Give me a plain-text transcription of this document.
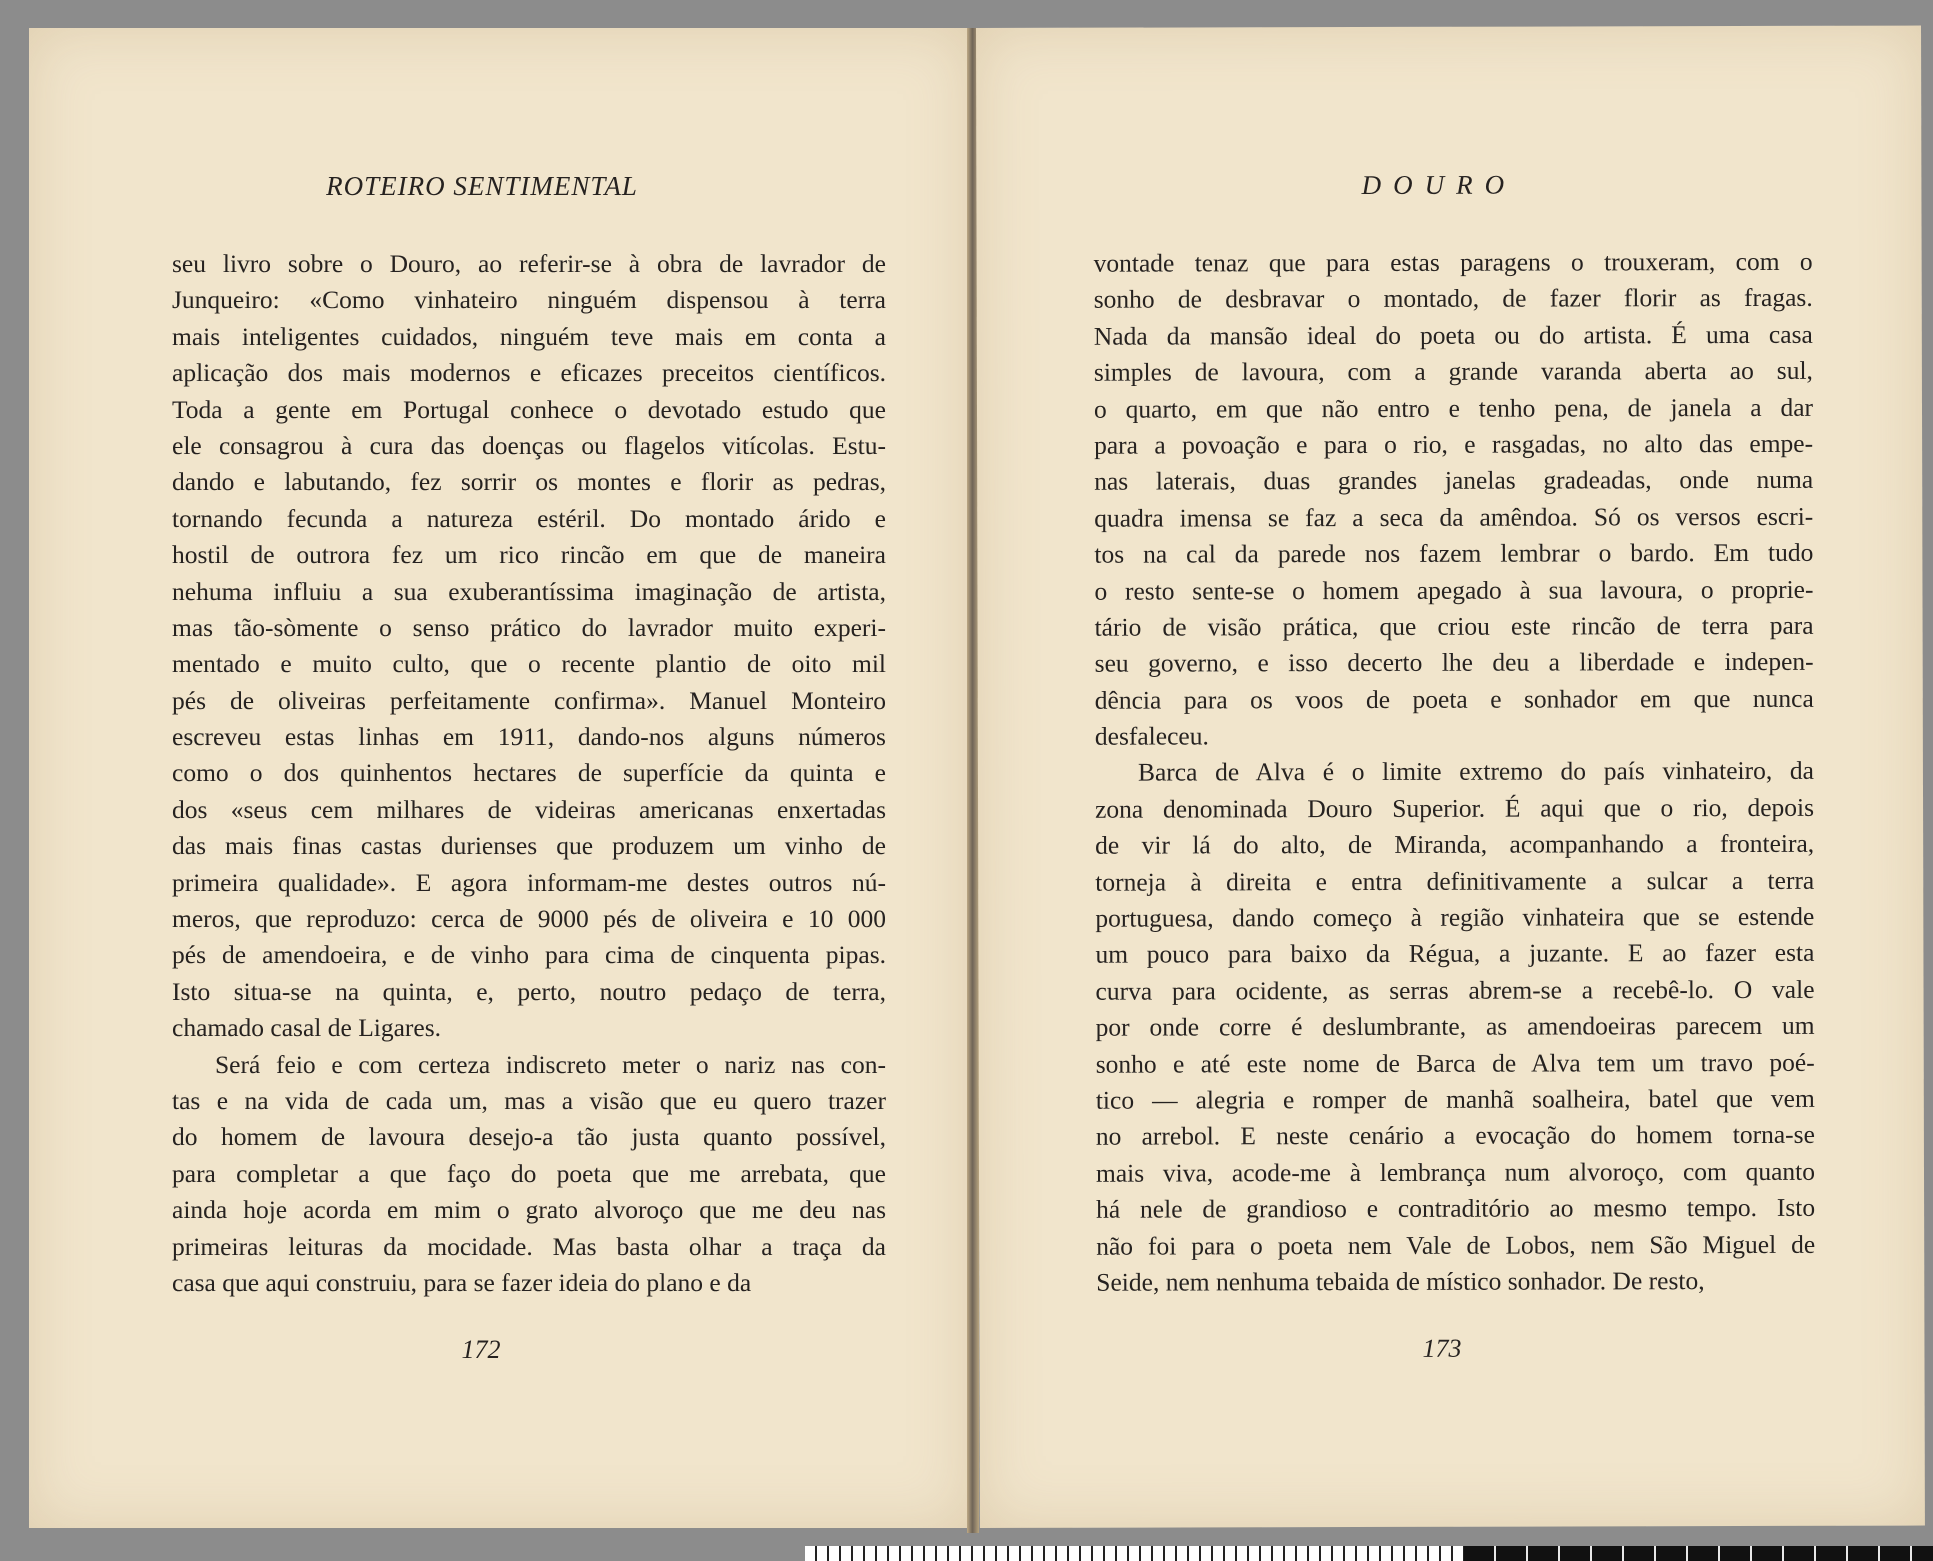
ROTEIRO SENTIMENTAL
seu livro sobre o Douro, ao referir-se à obra de lavrador de
Junqueiro: «Como vinhateiro ninguém dispensou à terra
mais inteligentes cuidados, ninguém teve mais em conta a
aplicação dos mais modernos e eficazes preceitos científicos.
Toda a gente em Portugal conhece o devotado estudo que
ele consagrou à cura das doenças ou flagelos vitícolas. Estu-
dando e labutando, fez sorrir os montes e florir as pedras,
tornando fecunda a natureza estéril. Do montado árido e
hostil de outrora fez um rico rincão em que de maneira
nehuma influiu a sua exuberantíssima imaginação de artista,
mas tão-sòmente o senso prático do lavrador muito experi-
mentado e muito culto, que o recente plantio de oito mil
pés de oliveiras perfeitamente confirma». Manuel Monteiro
escreveu estas linhas em 1911, dando-nos alguns números
como o dos quinhentos hectares de superfície da quinta e
dos «seus cem milhares de videiras americanas enxertadas
das mais finas castas durienses que produzem um vinho de
primeira qualidade». E agora informam-me destes outros nú-
meros, que reproduzo: cerca de 9000 pés de oliveira e 10 000
pés de amendoeira, e de vinho para cima de cinquenta pipas.
Isto situa-se na quinta, e, perto, noutro pedaço de terra,
chamado casal de Ligares.
Será feio e com certeza indiscreto meter o nariz nas con-
tas e na vida de cada um, mas a visão que eu quero trazer
do homem de lavoura desejo-a tão justa quanto possível,
para completar a que faço do poeta que me arrebata, que
ainda hoje acorda em mim o grato alvoroço que me deu nas
primeiras leituras da mocidade. Mas basta olhar a traça da
casa que aqui construiu, para se fazer ideia do plano e da
172
DOURO
vontade tenaz que para estas paragens o trouxeram, com o
sonho de desbravar o montado, de fazer florir as fragas.
Nada da mansão ideal do poeta ou do artista. É uma casa
simples de lavoura, com a grande varanda aberta ao sul,
o quarto, em que não entro e tenho pena, de janela a dar
para a povoação e para o rio, e rasgadas, no alto das empe-
nas laterais, duas grandes janelas gradeadas, onde numa
quadra imensa se faz a seca da amêndoa. Só os versos escri-
tos na cal da parede nos fazem lembrar o bardo. Em tudo
o resto sente-se o homem apegado à sua lavoura, o proprie-
tário de visão prática, que criou este rincão de terra para
seu governo, e isso decerto lhe deu a liberdade e indepen-
dência para os voos de poeta e sonhador em que nunca
desfaleceu.
Barca de Alva é o limite extremo do país vinhateiro, da
zona denominada Douro Superior. É aqui que o rio, depois
de vir lá do alto, de Miranda, acompanhando a fronteira,
torneja à direita e entra definitivamente a sulcar a terra
portuguesa, dando começo à região vinhateira que se estende
um pouco para baixo da Régua, a juzante. E ao fazer esta
curva para ocidente, as serras abrem-se a recebê-lo. O vale
por onde corre é deslumbrante, as amendoeiras parecem um
sonho e até este nome de Barca de Alva tem um travo poé-
tico — alegria e romper de manhã soalheira, batel que vem
no arrebol. E neste cenário a evocação do homem torna-se
mais viva, acode-me à lembrança num alvoroço, com quanto
há nele de grandioso e contraditório ao mesmo tempo. Isto
não foi para o poeta nem Vale de Lobos, nem São Miguel de
Seide, nem nenhuma tebaida de místico sonhador. De resto,
173
